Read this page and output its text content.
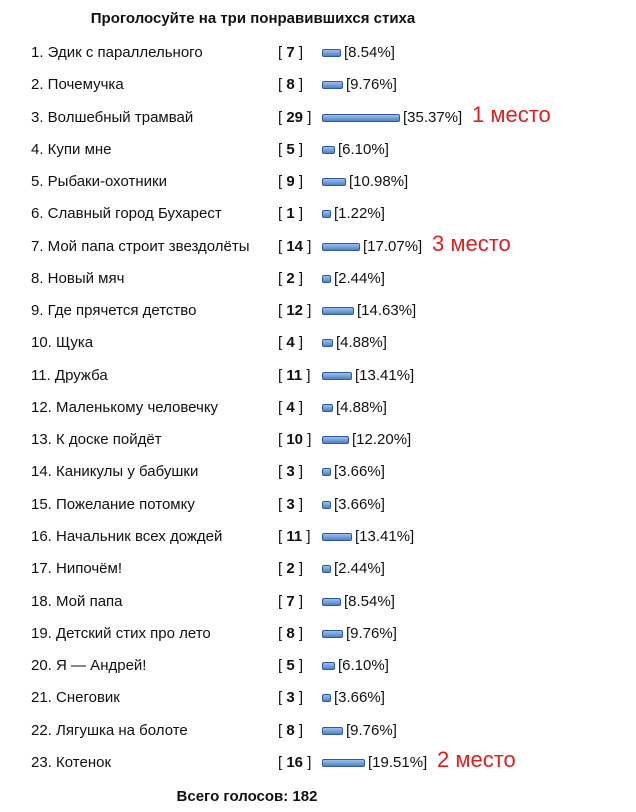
Проголосуйте на три понравившихся стиха
1. Эдик с параллельного	[ 7 ]	[8.54%]
2. Почемучка	[ 8 ]	[9.76%]
3. Волшебный трамвай	[ 29 ]	[35.37%] 1 место
4. Купи мне	[ 5 ] [6.10%]
5. Рыбаки-охотники	[ 9 ]	[10.98%]
6. Славный город Бухарест	[ 1 ] [1.22%]
7. Мой папа строит звездолёты [ 14 ]	[17.07%] 3 место
8. Новый мяч	[ 2 ] [2.44%]
9. Где прячется детство	[ 12 ]	[14.63%]
10. Щука	[ 4 ] [4.88%]
11. Дружба	[ 11 ]	[13.41%]
12. Маленькому человечку	[ 4 ] [4.88%]
13. К доске пойдёт	[ 10 ]	[12.20%]
14. Каникулы у бабушки	[ 3 ] [3.66%]
15. Пожелание потомку	[ 3 ] [3.66%]
16. Начальник всех дождей	[ 11 ]	[13.41%]
17. Нипочём!	[ 2 ] [2.44%]
18. Мой папа	[ 7 ]	[8.54%]
19. Детский стих про лето	[ 8 ]	[9.76%]
20. Я — Андрей!	[ 5 ] [6.10%]
21. Снеговик	[ 3 ] [3.66%]
22. Лягушка на болоте	[ 8 ]	[9.76%]
23. Котенок	[ 16 ]	[19.51%] 2 место
Всего голосов: 182
